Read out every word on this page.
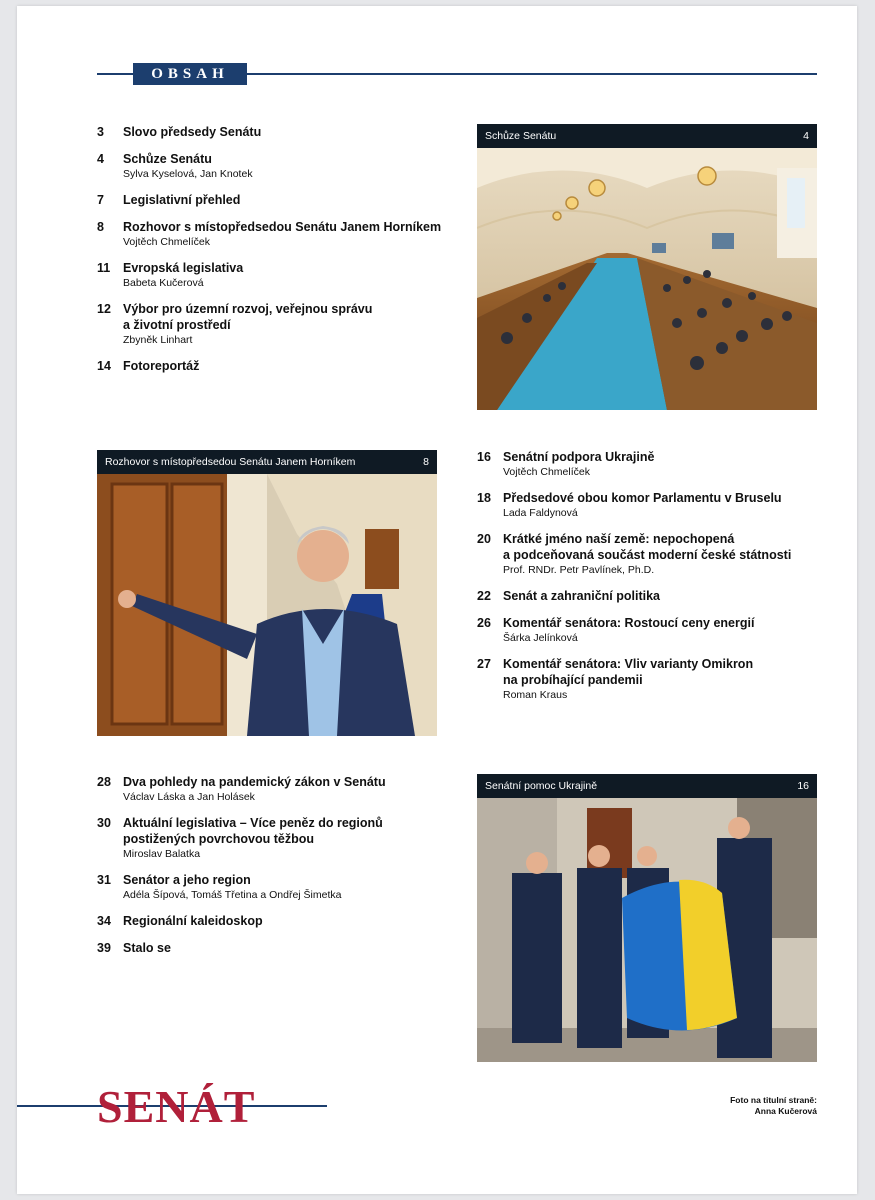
OBSAH
3	Slovo předsedy Senátu
4	Schůze Senátu
Sylva Kyselová, Jan Knotek
7	Legislativní přehled
8	Rozhovor s místopředsedou Senátu Janem Horníkem
Vojtěch Chmelíček
11	Evropská legislativa
Babeta Kučerová
12 Výbor pro územní rozvoj, veřejnou správu
a životní prostředí
Zbyněk Linhart
14 Fotoreportáž
Schůze Senátu	4
Rozhovor s místopředsedou Senátu Janem Horníkem	8	16 Senátní podpora Ukrajině
Vojtěch Chmelíček
18 Předsedové obou komor Parlamentu v Bruselu
Lada Faldynová
20 Krátké jméno naší země: nepochopená
a podceňovaná součást moderní české státnosti
Prof. RNDr. Petr Pavlínek, Ph.D.
22 Senát a zahraniční politika
26 Komentář senátora: Rostoucí ceny energií
Šárka Jelínková
27 Komentář senátora: Vliv varianty Omikron
na probíhající pandemii
Roman Kraus
28 Dva pohledy na pandemický zákon v Senátu
Václav Láska a Jan Holásek
30 Aktuální legislativa – Více peněz do regionů
postižených povrchovou těžbou
Miroslav Balatka
31 Senátor a jeho region
Adéla Šípová, Tomáš Třetina a Ondřej Šimetka
34 Regionální kaleidoskop
39 Stalo se
Senátní pomoc Ukrajině	16
SENÁT	Foto na titulní straně:
Anna Kučerová
